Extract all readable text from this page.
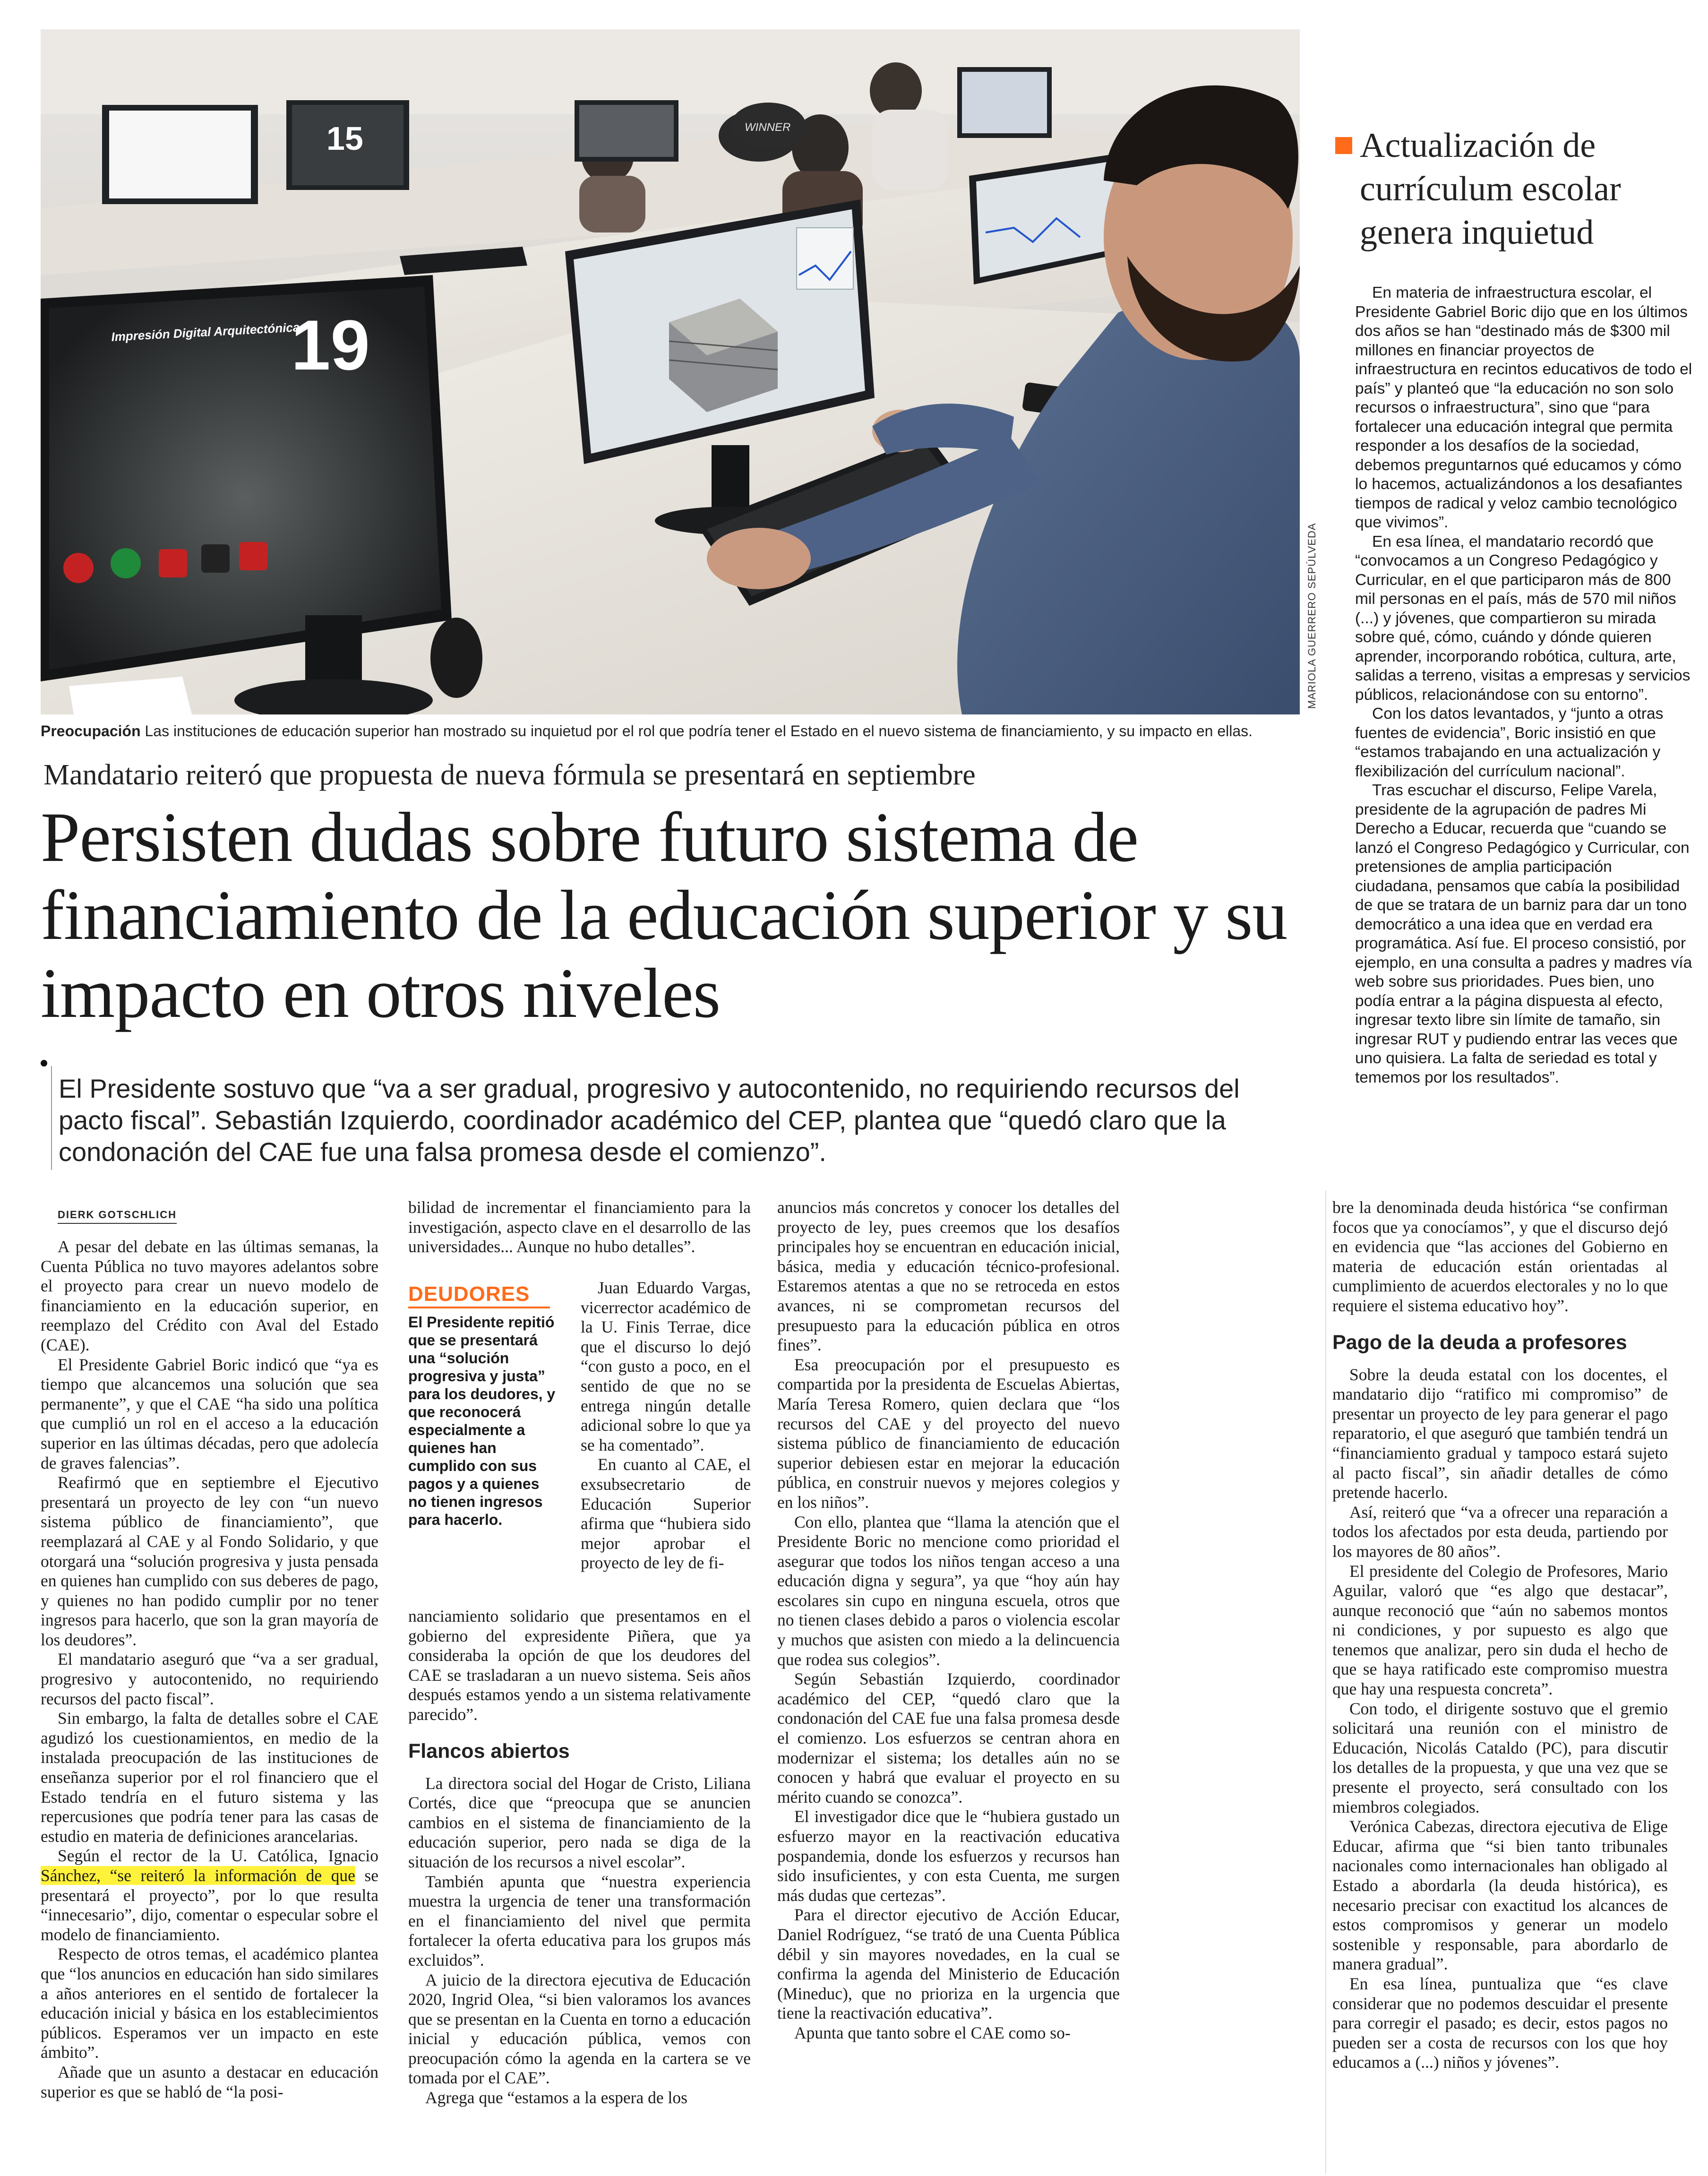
15
Impresión Digital Arquitectónica
19
WINNER
MARIOLA GUERRERO SEPÚLVEDA
Preocupación Las instituciones de educación superior han mostrado su inquietud por el rol que podría tener el Estado en el nuevo sistema de financiamiento, y su impacto en ellas.
Mandatario reiteró que propuesta de nueva fórmula se presentará en septiembre
Persisten dudas sobre futuro sistema de financiamiento de la educación superior y su impacto en otros niveles
El Presidente sostuvo que “va a ser gradual, progresivo y autocontenido, no requiriendo recursos del pacto fiscal”. Sebastián Izquierdo, coordinador académico del CEP, plantea que “quedó claro que la condonación del CAE fue una falsa promesa desde el comienzo”.
DIERK GOTSCHLICH

A pesar del debate en las últimas semanas, la Cuenta Pública no tuvo mayores adelantos sobre el proyecto para crear un nuevo modelo de financiamiento en la educación superior, en reemplazo del Crédito con Aval del Estado (CAE).

El Presidente Gabriel Boric indicó que “ya es tiempo que alcancemos una solución que sea permanente”, y que el CAE “ha sido una política que cumplió un rol en el acceso a la educación superior en las últimas décadas, pero que adolecía de graves falencias”.

Reafirmó que en septiembre el Ejecutivo presentará un proyecto de ley con “un nuevo sistema público de financiamiento”, que reemplazará al CAE y al Fondo Solidario, y que otorgará una “solución progresiva y justa pensada en quienes han cumplido con sus deberes de pago, y quienes no han podido cumplir por no tener ingresos para hacerlo, que son la gran mayoría de los deudores”.

El mandatario aseguró que “va a ser gradual, progresivo y autocontenido, no requiriendo recursos del pacto fiscal”.

Sin embargo, la falta de detalles sobre el CAE agudizó los cuestionamientos, en medio de la instalada preocupación de las instituciones de enseñanza superior por el rol financiero que el Estado tendría en el futuro sistema y las repercusiones que podría tener para las casas de estudio en materia de definiciones arancelarias.

Según el rector de la U. Católica, Ignacio Sánchez, “se reiteró la información de que se presentará el proyecto”, por lo que resulta “innecesario”, dijo, comentar o especular sobre el modelo de financiamiento.

Respecto de otros temas, el académico plantea que “los anuncios en educación han sido similares a años anteriores en el sentido de fortalecer la educación inicial y básica en los establecimientos públicos. Esperamos ver un impacto en este ámbito”.

Añade que un asunto a destacar en educación superior es que se habló de “la posi-

bilidad de incrementar el financiamiento para la investigación, aspecto clave en el desarrollo de las universidades... Aunque no hubo detalles”.

Juan Eduardo Vargas, vicerrector académico de la U. Finis Terrae, dice que el discurso lo dejó “con gusto a poco, en el sentido de que no se entrega ningún detalle adicional sobre lo que ya se ha comentado”.

En cuanto al CAE, el exsubsecretario de Educación Superior afirma que “hubiera sido mejor aprobar el proyecto de ley de fi-

nanciamiento solidario que presentamos en el gobierno del expresidente Piñera, que ya consideraba la opción de que los deudores del CAE se trasladaran a un nuevo sistema. Seis años después estamos yendo a un sistema relativamente parecido”.

Flancos abiertos

La directora social del Hogar de Cristo, Liliana Cortés, dice que “preocupa que se anuncien cambios en el sistema de financiamiento de la educación superior, pero nada se diga de la situación de los recursos a nivel escolar”.

También apunta que “nuestra experiencia muestra la urgencia de tener una transformación en el financiamiento del nivel que permita fortalecer la oferta educativa para los grupos más excluidos”.

A juicio de la directora ejecutiva de Educación 2020, Ingrid Olea, “si bien valoramos los avances que se presentan en la Cuenta en torno a educación inicial y educación pública, vemos con preocupación cómo la agenda en la cartera se ve tomada por el CAE”.

Agrega que “estamos a la espera de los

DEUDORES
El Presidente repitió que se presentará una “solución progresiva y justa” para los deudores, y que reconocerá especialmente a quienes han cumplido con sus pagos y a quienes no tienen ingresos para hacerlo.

anuncios más concretos y conocer los detalles del proyecto de ley, pues creemos que los desafíos principales hoy se encuentran en educación inicial, básica, media y educación técnico-profesional. Estaremos atentas a que no se retroceda en estos avances, ni se comprometan recursos del presupuesto para la educación pública en otros fines”.

Esa preocupación por el presupuesto es compartida por la presidenta de Escuelas Abiertas, María Teresa Romero, quien declara que “los recursos del CAE y del proyecto del nuevo sistema público de financiamiento de educación superior debiesen estar en mejorar la educación pública, en construir nuevos y mejores colegios y en los niños”.

Con ello, plantea que “llama la atención que el Presidente Boric no mencione como prioridad el asegurar que todos los niños tengan acceso a una educación digna y segura”, ya que “hoy aún hay escolares sin cupo en ninguna escuela, otros que no tienen clases debido a paros o violencia escolar y muchos que asisten con miedo a la delincuencia que rodea sus colegios”.

Según Sebastián Izquierdo, coordinador académico del CEP, “quedó claro que la condonación del CAE fue una falsa promesa desde el comienzo. Los esfuerzos se centran ahora en modernizar el sistema; los detalles aún no se conocen y habrá que evaluar el proyecto en su mérito cuando se conozca”.

El investigador dice que le “hubiera gustado un esfuerzo mayor en la reactivación educativa pospandemia, donde los esfuerzos y recursos han sido insuficientes, y con esta Cuenta, me surgen más dudas que certezas”.

Para el director ejecutivo de Acción Educar, Daniel Rodríguez, “se trató de una Cuenta Pública débil y sin mayores novedades, en la cual se confirma la agenda del Ministerio de Educación (Mineduc), que no prioriza en la urgencia que tiene la reactivación educativa”.

Apunta que tanto sobre el CAE como so-

bre la denominada deuda histórica “se confirman focos que ya conocíamos”, y que el discurso dejó en evidencia que “las acciones del Gobierno en materia de educación están orientadas al cumplimiento de acuerdos electorales y no lo que requiere el sistema educativo hoy”.

Pago de la deuda a profesores

Sobre la deuda estatal con los docentes, el mandatario dijo “ratifico mi compromiso” de presentar un proyecto de ley para generar el pago reparatorio, el que aseguró que también tendrá un “financiamiento gradual y tampoco estará sujeto al pacto fiscal”, sin añadir detalles de cómo pretende hacerlo.

Así, reiteró que “va a ofrecer una reparación a todos los afectados por esta deuda, partiendo por los mayores de 80 años”.

El presidente del Colegio de Profesores, Mario Aguilar, valoró que “es algo que destacar”, aunque reconoció que “aún no sabemos montos ni condiciones, y por supuesto es algo que tenemos que analizar, pero sin duda el hecho de que se haya ratificado este compromiso muestra que hay una respuesta concreta”.

Con todo, el dirigente sostuvo que el gremio solicitará una reunión con el ministro de Educación, Nicolás Cataldo (PC), para discutir los detalles de la propuesta, y que una vez que se presente el proyecto, será consultado con los miembros colegiados.

Verónica Cabezas, directora ejecutiva de Elige Educar, afirma que “si bien tanto tribunales nacionales como internacionales han obligado al Estado a abordarla (la deuda histórica), es necesario precisar con exactitud los alcances de estos compromisos y generar un modelo sostenible y responsable, para abordarlo de manera gradual”.

En esa línea, puntualiza que “es clave considerar que no podemos descuidar el presente para corregir el pasado; es decir, estos pagos no pueden ser a costa de recursos con los que hoy educamos a (...) niños y jóvenes”.

Actualización de currículum escolar genera inquietud

En materia de infraestructura escolar, el Presidente Gabriel Boric dijo que en los últimos dos años se han “destinado más de $300 mil millones en financiar proyectos de infraestructura en recintos educativos de todo el país” y planteó que “la educación no son solo recursos o infraestructura”, sino que “para fortalecer una educación integral que permita responder a los desafíos de la sociedad, debemos preguntarnos qué educamos y cómo lo hacemos, actualizándonos a los desafiantes tiempos de radical y veloz cambio tecnológico que vivimos”.

En esa línea, el mandatario recordó que “convocamos a un Congreso Pedagógico y Curricular, en el que participaron más de 800 mil personas en el país, más de 570 mil niños (...) y jóvenes, que compartieron su mirada sobre qué, cómo, cuándo y dónde quieren aprender, incorporando robótica, cultura, arte, salidas a terreno, visitas a empresas y servicios públicos, relacionándose con su entorno”.

Con los datos levantados, y “junto a otras fuentes de evidencia”, Boric insistió en que “estamos trabajando en una actualización y flexibilización del currículum nacional”.

Tras escuchar el discurso, Felipe Varela, presidente de la agrupación de padres Mi Derecho a Educar, recuerda que “cuando se lanzó el Congreso Pedagógico y Curricular, con pretensiones de amplia participación ciudadana, pensamos que cabía la posibilidad de que se tratara de un barniz para dar un tono democrático a una idea que en verdad era programática. Así fue. El proceso consistió, por ejemplo, en una consulta a padres y madres vía web sobre sus prioridades. Pues bien, uno podía entrar a la página dispuesta al efecto, ingresar texto libre sin límite de tamaño, sin ingresar RUT y pudiendo entrar las veces que uno quisiera. La falta de seriedad es total y tememos por los resultados”.
